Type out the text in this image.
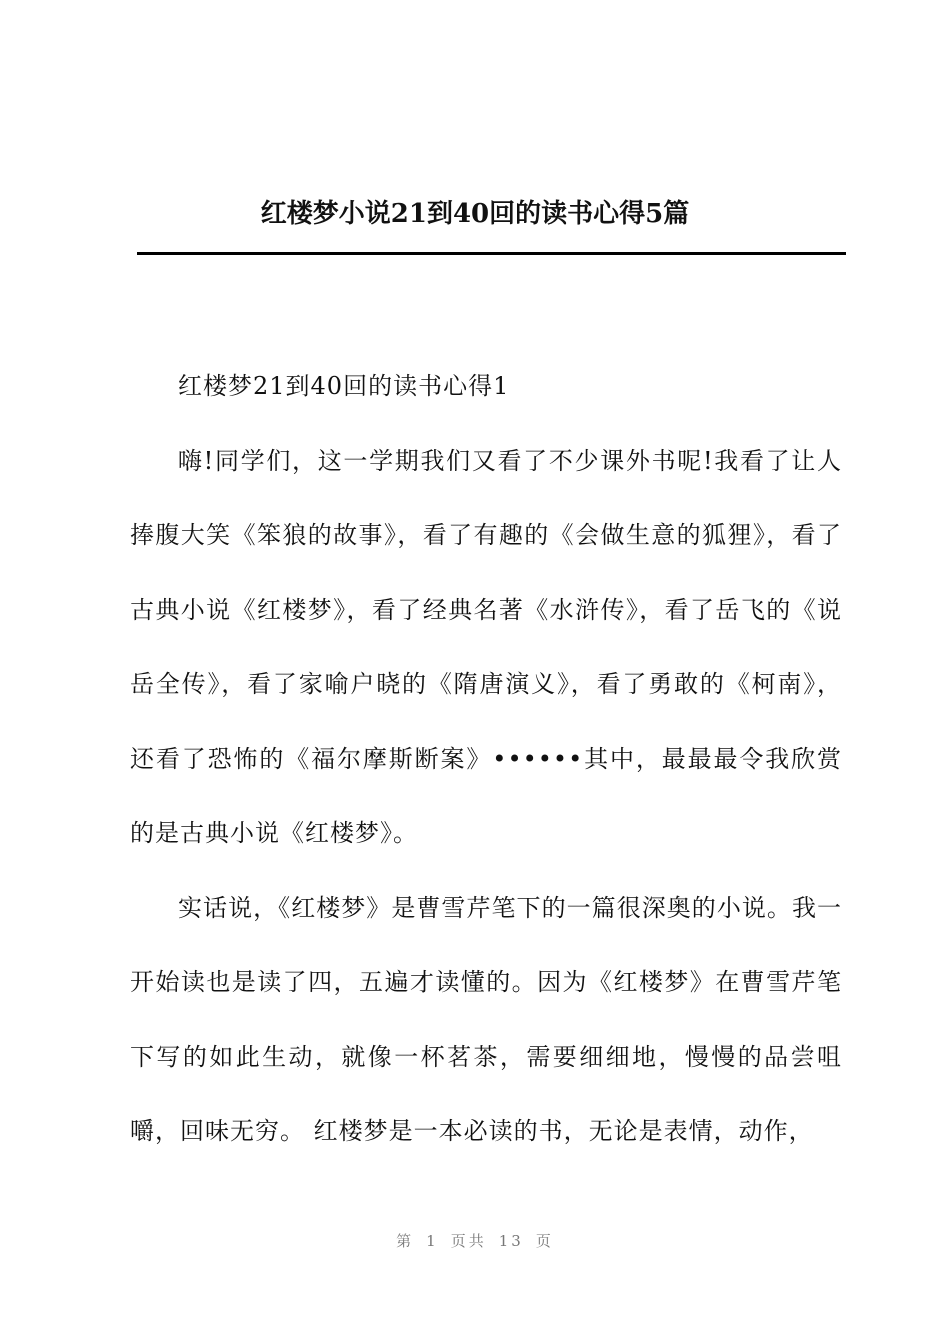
红楼梦小说21到40回的读书心得5篇

红楼梦21到40回的读书心得1

嗨!同学们，这一学期我们又看了不少课外书呢!我看了让人捧腹大笑《笨狼的故事》，看了有趣的《会做生意的狐狸》，看了古典小说《红楼梦》，看了经典名著《水浒传》，看了岳飞的《说岳全传》，看了家喻户晓的《隋唐演义》，看了勇敢的《柯南》，还看了恐怖的《福尔摩斯断案》••••••其中，最最最令我欣赏的是古典小说《红楼梦》。

实话说，《红楼梦》是曹雪芹笔下的一篇很深奥的小说。我一开始读也是读了四，五遍才读懂的。因为《红楼梦》在曹雪芹笔下写的如此生动，就像一杯茗茶，需要细细地，慢慢的品尝咀嚼，回味无穷。 红楼梦是一本必读的书，无论是表情，动作，

第 1 页共 13 页
